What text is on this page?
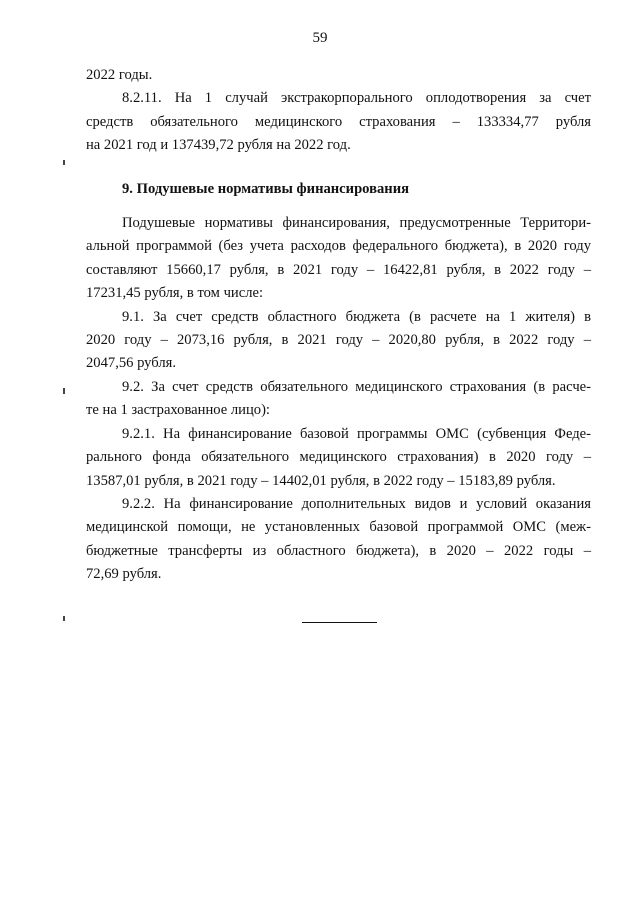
59
2022 годы.
8.2.11. На 1 случай экстракорпорального оплодотворения за счет
средств обязательного медицинского страхования – 133334,77 рубля
на 2021 год и 137439,72 рубля на 2022 год.
9. Подушевые нормативы финансирования
Подушевые нормативы финансирования, предусмотренные Территори-
альной программой (без учета расходов федерального бюджета), в 2020 году
составляют 15660,17 рубля, в 2021 году – 16422,81 рубля, в 2022 году –
17231,45 рубля, в том числе:
9.1. За счет средств областного бюджета (в расчете на 1 жителя) в
2020 году – 2073,16 рубля, в 2021 году – 2020,80 рубля, в 2022 году –
2047,56 рубля.
9.2. За счет средств обязательного медицинского страхования (в расче-
те на 1 застрахованное лицо):
9.2.1. На финансирование базовой программы ОМС (субвенция Феде-
рального фонда обязательного медицинского страхования) в 2020 году –
13587,01 рубля, в 2021 году – 14402,01 рубля, в 2022 году – 15183,89 рубля.
9.2.2. На финансирование дополнительных видов и условий оказания
медицинской помощи, не установленных базовой программой ОМС (меж-
бюджетные трансферты из областного бюджета), в 2020 – 2022 годы –
72,69 рубля.
